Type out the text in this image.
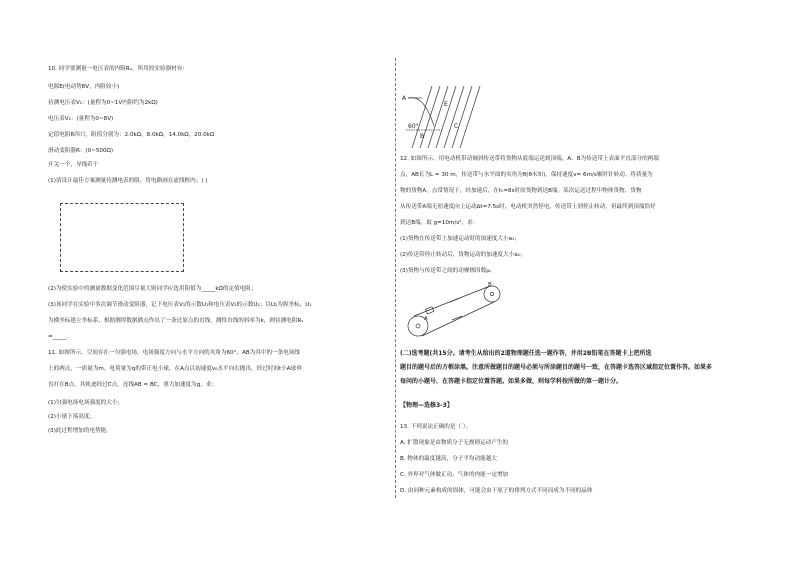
10. 同学要测量一电压表的内阻Rᵥ，所用的实验器材有：
电源E(电动势8V，内阻较小)
待测电压表V₁：(量程为0~1V内阻约为2kΩ)
电压表V₂：(量程为0~8V)
定值电阻R四只，阻值分别为：2.0kΩ，8.0kΩ，14.0kΩ，20.0kΩ
滑动变阻器R：(0~500Ω)
开关一个，导线若干
(1)请设计最佳方案测量待测电表的阻，将电路画在虚线框内；( )
(2)为使实验中的测量数据变化范围尽量大则同学应选用阻值为_____kΩ的定值电阻；
(3)该同学在实验中多次调节滑动变阻器，记下电压表V₁的示数U₁和电压表V₂的示数U₂；以U₂为纵坐标，U₁
为横坐标建立坐标系，根据测得数据描点作出了一条过原点的直线，测得直线的斜率为k，则待测电阻Rᵥ
=_____.
11. 如图所示，空间存在一匀强电场，电场强度方向与水平方向的夹角为60°，AB为其中的一条电场线
上的两点，一质量为m、电荷量为q的带正电小球，在A点以初速度v₀水平向右抛出，经过时间t小A球垂
直打在B点，其轨迹经过C点，连线AB = BC，重力加速度为g，求：
(1)匀强电场电场强度的大小；
(2)小球下落高度；
(3)此过程增加的电势能。
A
E
60°
B
C
12. 如图所示，用电动机带动倾斜传送带将货物从底端运送到顶端，A、B为传送带上表面平直部分的两端
点，AB长为L = 30 m，传送带与水平面的夹角为θ(θ未知)，保持速度v= 6m/s顺时针转动。将质量为
物的货物A，点常情况下，经加速后，在t₀=8s时间货物到达B端。某次运送过程中物体货物，货物
从传送带A端无初速度向上运动Δt=7.5s时，电动机突然停电，传送带上到停止转动，但最终到顶端恰好
到达B端，取 g=10m/s²，求：
(1)货物在传送带上加速运动时的加速度大小a₁；
(2)传送带停止转动后，货物运动的加速度大小a₂；
(3)货物与传送带之间的动摩擦因数μ。
B
A
(二)选考题(共15分。请考生从给出的2道物理题任选一题作答，并用2B铅笔在答题卡上把所选
题目的题号后的方框涂黑。注意所做题目的题号必须与所涂题目的题号一致，在答题卡选答区域指定位置作答。如果多
每问的小题号，在答题卡指定位置答题。如果多做，则每学科按所做的第一题计分。
【物理—选修3-3】
13. 下列说法正确的是（ ）。
A. 扩散现象是由物质分子无规则运动产生的
B. 物体的温度越高，分子平均动能越大
C. 外界对气体做正功，气体的内能一定增加
D. 由同种元素构成的固体，可能会由于原子的排列方式不同而成为不同的晶体
